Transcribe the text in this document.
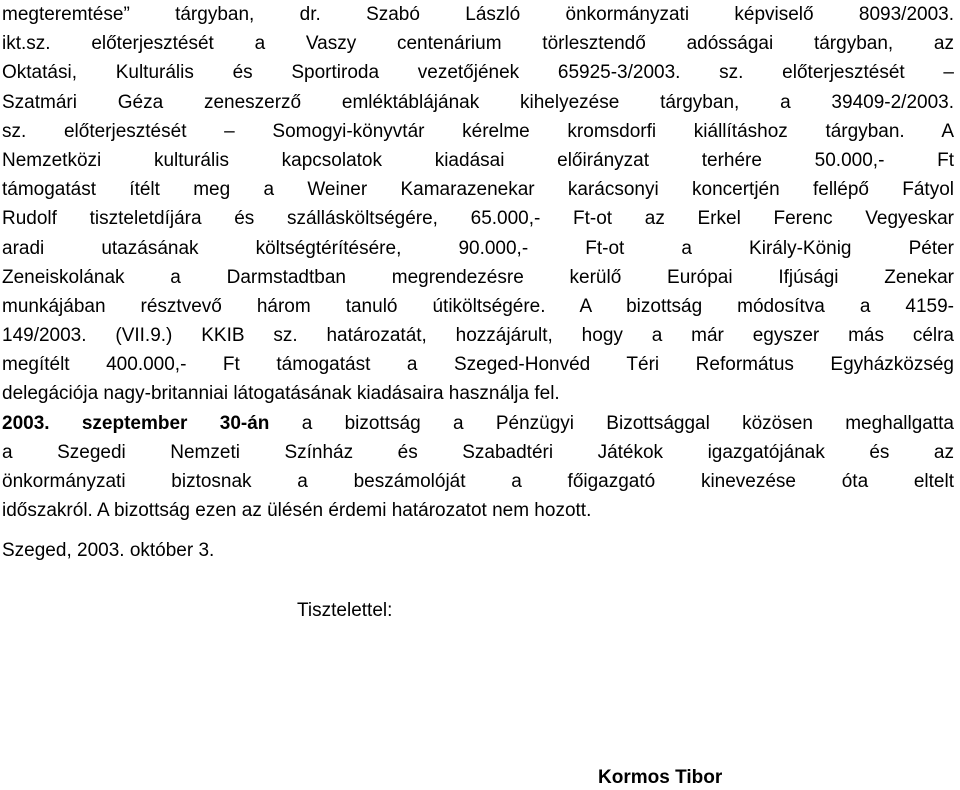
megteremtése” tárgyban, dr. Szabó László önkormányzati képviselő 8093/2003.
ikt.sz. előterjesztését a Vaszy centenárium törlesztendő adósságai tárgyban, az
Oktatási, Kulturális és Sportiroda vezetőjének 65925-3/2003. sz. előterjesztését –
Szatmári Géza zeneszerző emléktáblájának kihelyezése tárgyban, a 39409-2/2003.
sz. előterjesztését – Somogyi-könyvtár kérelme kromsdorfi kiállításhoz tárgyban. A
Nemzetközi kulturális kapcsolatok kiadásai előirányzat terhére 50.000,- Ft
támogatást ítélt meg a Weiner Kamarazenekar karácsonyi koncertjén fellépő Fátyol
Rudolf tiszteletdíjára és szállásköltségére, 65.000,- Ft-ot az Erkel Ferenc Vegyeskar
aradi utazásának költségtérítésére, 90.000,- Ft-ot a Király-König Péter
Zeneiskolának a Darmstadtban megrendezésre kerülő Európai Ifjúsági Zenekar
munkájában résztvevő három tanuló útiköltségére. A bizottság módosítva a 4159-
149/2003. (VII.9.) KKIB sz. határozatát, hozzájárult, hogy a már egyszer más célra
megítélt 400.000,- Ft támogatást a Szeged-Honvéd Téri Református Egyházközség
delegációja nagy-britanniai látogatásának kiadásaira használja fel.
2003. szeptember 30-án a bizottság a Pénzügyi Bizottsággal közösen meghallgatta
a Szegedi Nemzeti Színház és Szabadtéri Játékok igazgatójának és az
önkormányzati biztosnak a beszámolóját a főigazgató kinevezése óta eltelt
időszakról. A bizottság ezen az ülésén érdemi határozatot nem hozott.
Szeged, 2003. október 3.
Tisztelettel:
Kormos Tibor
